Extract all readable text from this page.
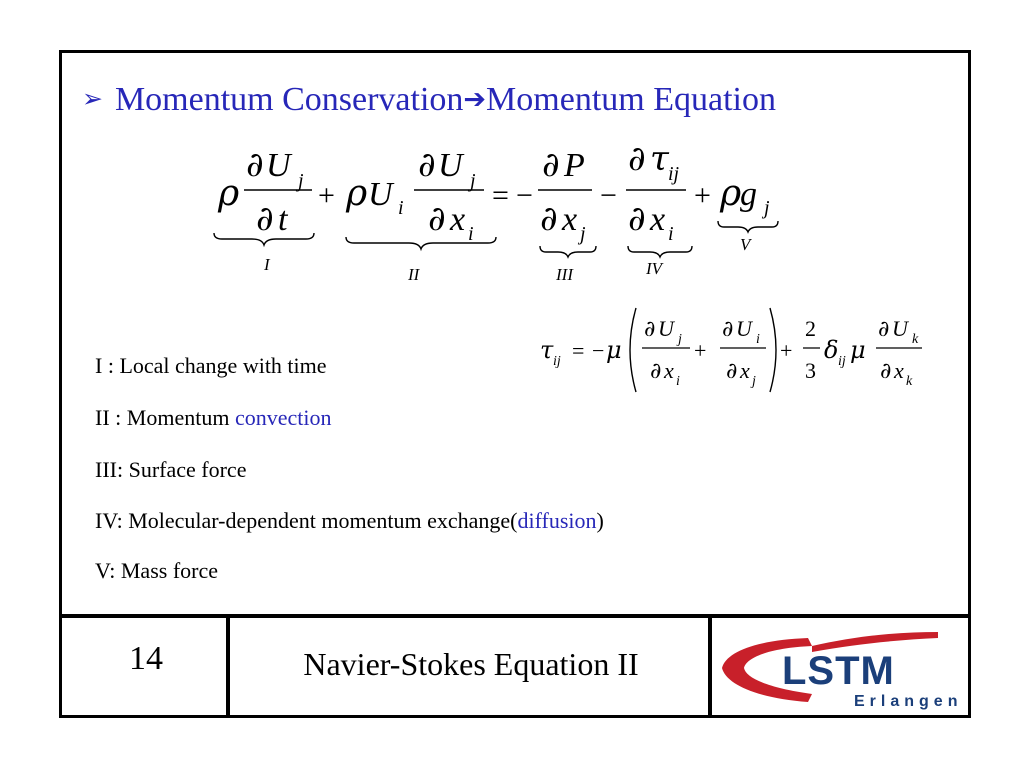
➢ Momentum Conservation➔Momentum Equation
ρ
∂ U j
∂ t
+ ρ U i
∂ U j
∂ x i
= −
∂ P
∂ x j
−
∂ τ ij
∂ x i
+ ρ
g j
I
II	III	IV
V
τ ij = − μ
∂ U j
∂ x i
+
∂ U i
∂ x j
+
2
3
δ ij μ
∂ U k
∂ x k
I : Local change with time
II : Momentum convection
III: Surface force
IV: Molecular-dependent momentum exchange(diffusion)
V: Mass force
14	Navier-Stokes Equation II	LSTM
Erlangen
